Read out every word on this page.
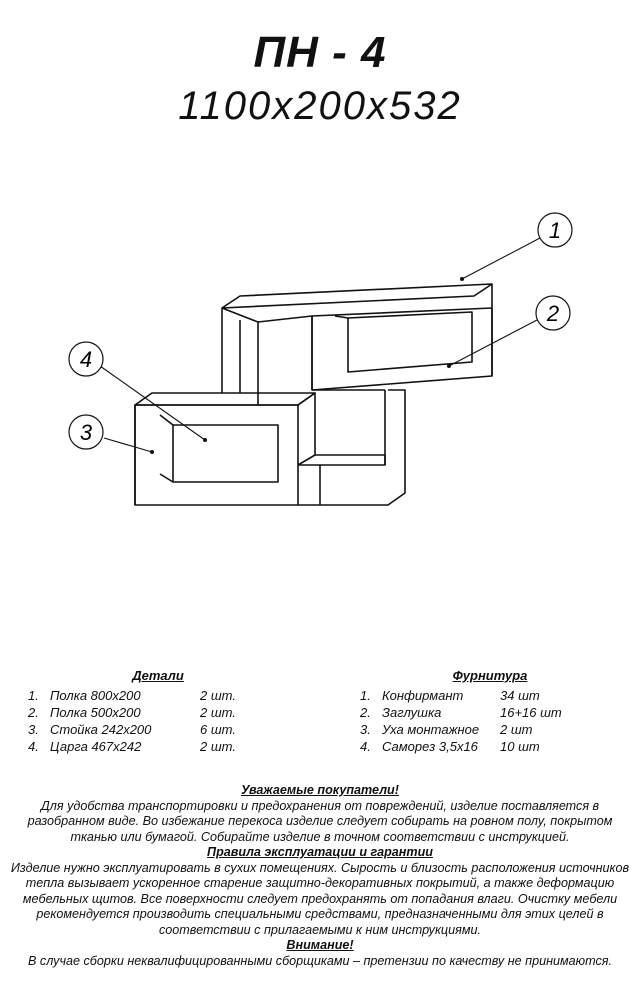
ПН - 4
1100x200x532
1
2
4
3
Детали
1. Полка 800х200	2 шт.
2. Полка 500х200	2 шт.
3. Стойка 242х200	6 шт.
4. Царга 467х242	2 шт.
Фурнитура
1. Конфирмант	34 шт
2. Заглушка	16+16 шт
3. Уха монтажное	2 шт
4. Саморез 3,5х16	10 шт

Уважаемые покупатели!

Для удобства транспортировки и предохранения от повреждений, изделие поставляется в разобранном виде. Во избежание перекоса изделие следует собирать на ровном полу, покрытом тканью или бумагой. Собирайте изделие в точном соответствии с инструкцией.

Правила эксплуатации и гарантии

Изделие нужно эксплуатировать в сухих помещениях. Сырость и близость расположения источников тепла вызывает ускоренное старение защитно-декоративных покрытий, а также деформацию мебельных щитов. Все поверхности следует предохранять от попадания влаги. Очистку мебели рекомендуется производить специальными средствами, предназначенными для этих целей в соответствии с прилагаемыми к ним инструкциями.

Внимание!

В случае сборки неквалифицированными сборщиками – претензии по качеству не принимаются.
